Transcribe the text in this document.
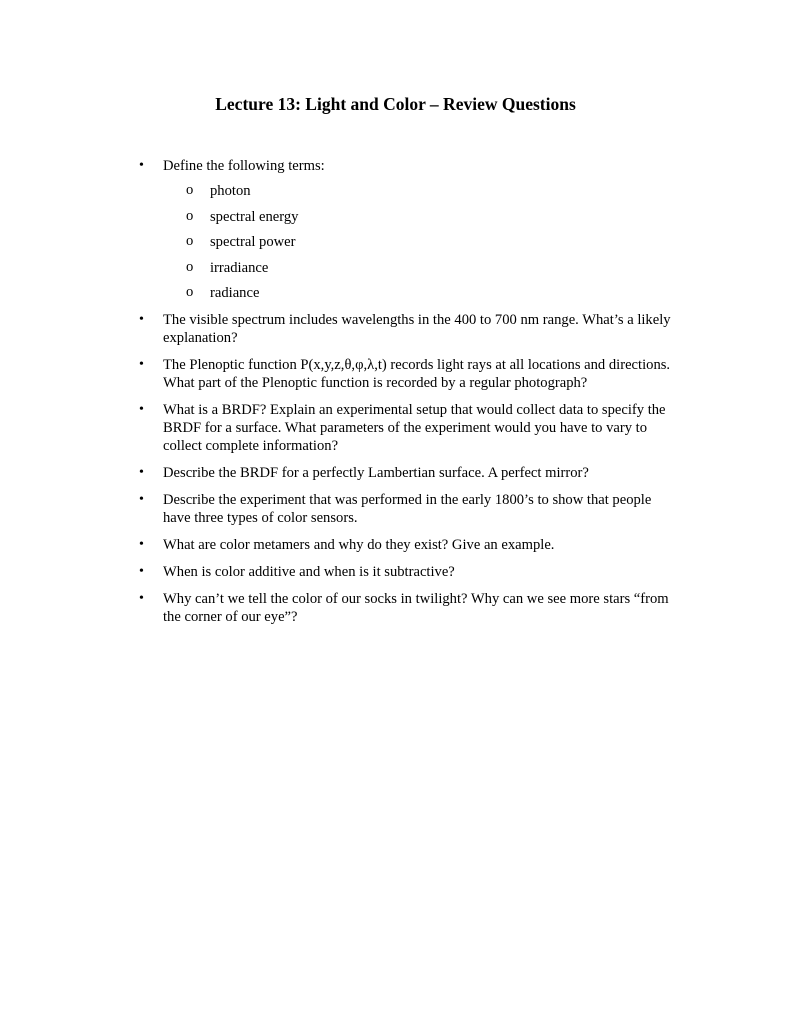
Lecture 13: Light and Color – Review Questions
•	Define the following terms:
o photon
o spectral energy
o spectral power
o irradiance
o radiance
•	The visible spectrum includes wavelengths in the 400 to 700 nm range. What’s a likely explanation?
•	The Plenoptic function P(x,y,z,θ,φ,λ,t) records light rays at all locations and directions. What part of the Plenoptic function is recorded by a regular photograph?
•	What is a BRDF? Explain an experimental setup that would collect data to specify the BRDF for a surface. What parameters of the experiment would you have to vary to collect complete information?
•	Describe the BRDF for a perfectly Lambertian surface. A perfect mirror?
•	Describe the experiment that was performed in the early 1800’s to show that people have three types of color sensors.
•	What are color metamers and why do they exist? Give an example.
•	When is color additive and when is it subtractive?
•	Why can’t we tell the color of our socks in twilight? Why can we see more stars “from the corner of our eye”?
